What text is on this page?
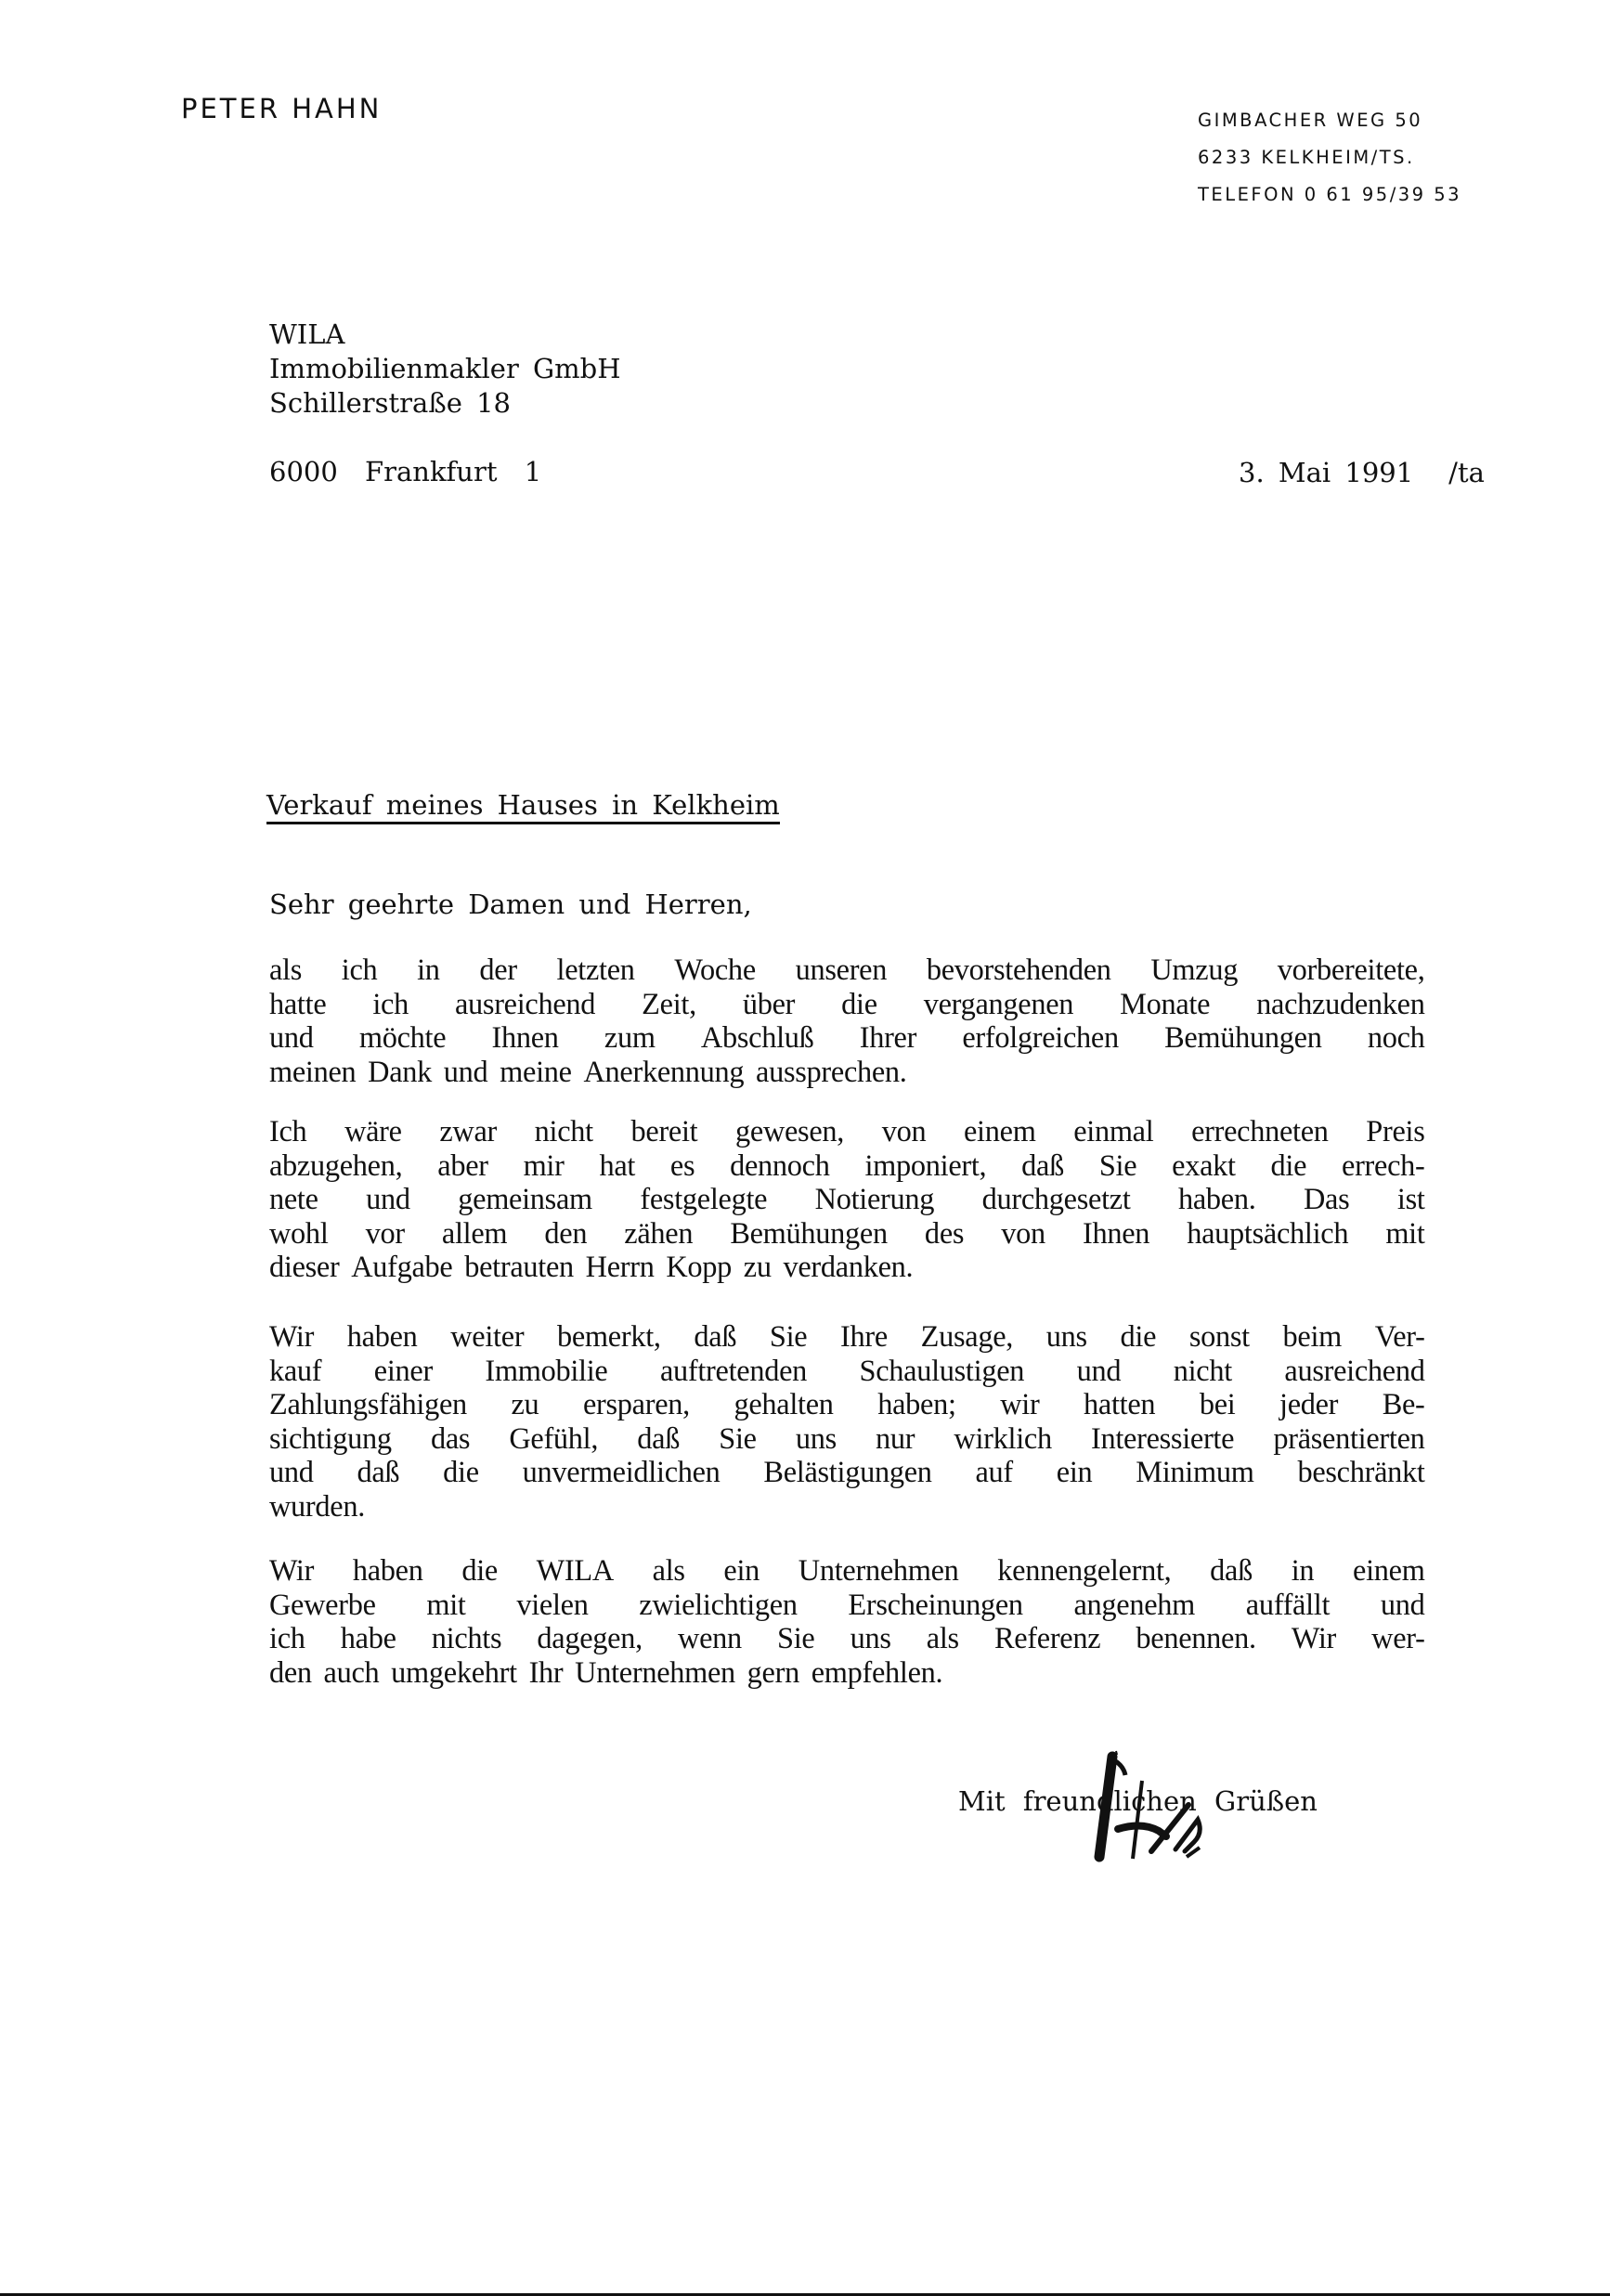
PETER HAHN	GIMBACHER WEG 50
6233 KELKHEIM/TS.
TELEFON 0 61 95/39 53
WILA
Immobilienmakler GmbH
Schillerstraße 18
6000 Frankfurt 1	3. Mai 1991 /ta
Verkauf meines Hauses in Kelkheim
Sehr geehrte Damen und Herren,
als ich in der letzten Woche unseren bevorstehenden Umzug vorbereitete,
hatte ich ausreichend Zeit, über die vergangenen Monate nachzudenken
und möchte Ihnen zum Abschluß Ihrer erfolgreichen Bemühungen noch
meinen Dank und meine Anerkennung aussprechen.
Ich wäre zwar nicht bereit gewesen, von einem einmal errechneten Preis
abzugehen, aber mir hat es dennoch imponiert, daß Sie exakt die errech-
nete und gemeinsam festgelegte Notierung durchgesetzt haben. Das ist
wohl vor allem den zähen Bemühungen des von Ihnen hauptsächlich mit
dieser Aufgabe betrauten Herrn Kopp zu verdanken.
Wir haben weiter bemerkt, daß Sie Ihre Zusage, uns die sonst beim Ver-
kauf einer Immobilie auftretenden Schaulustigen und nicht ausreichend
Zahlungsfähigen zu ersparen, gehalten haben; wir hatten bei jeder Be-
sichtigung das Gefühl, daß Sie uns nur wirklich Interessierte präsentierten
und daß die unvermeidlichen Belästigungen auf ein Minimum beschränkt
wurden.
Wir haben die WILA als ein Unternehmen kennengelernt, daß in einem
Gewerbe mit vielen zwielichtigen Erscheinungen angenehm auffällt und
ich habe nichts dagegen, wenn Sie uns als Referenz benennen. Wir wer-
den auch umgekehrt Ihr Unternehmen gern empfehlen.
Mit freundlichen Grüßen
